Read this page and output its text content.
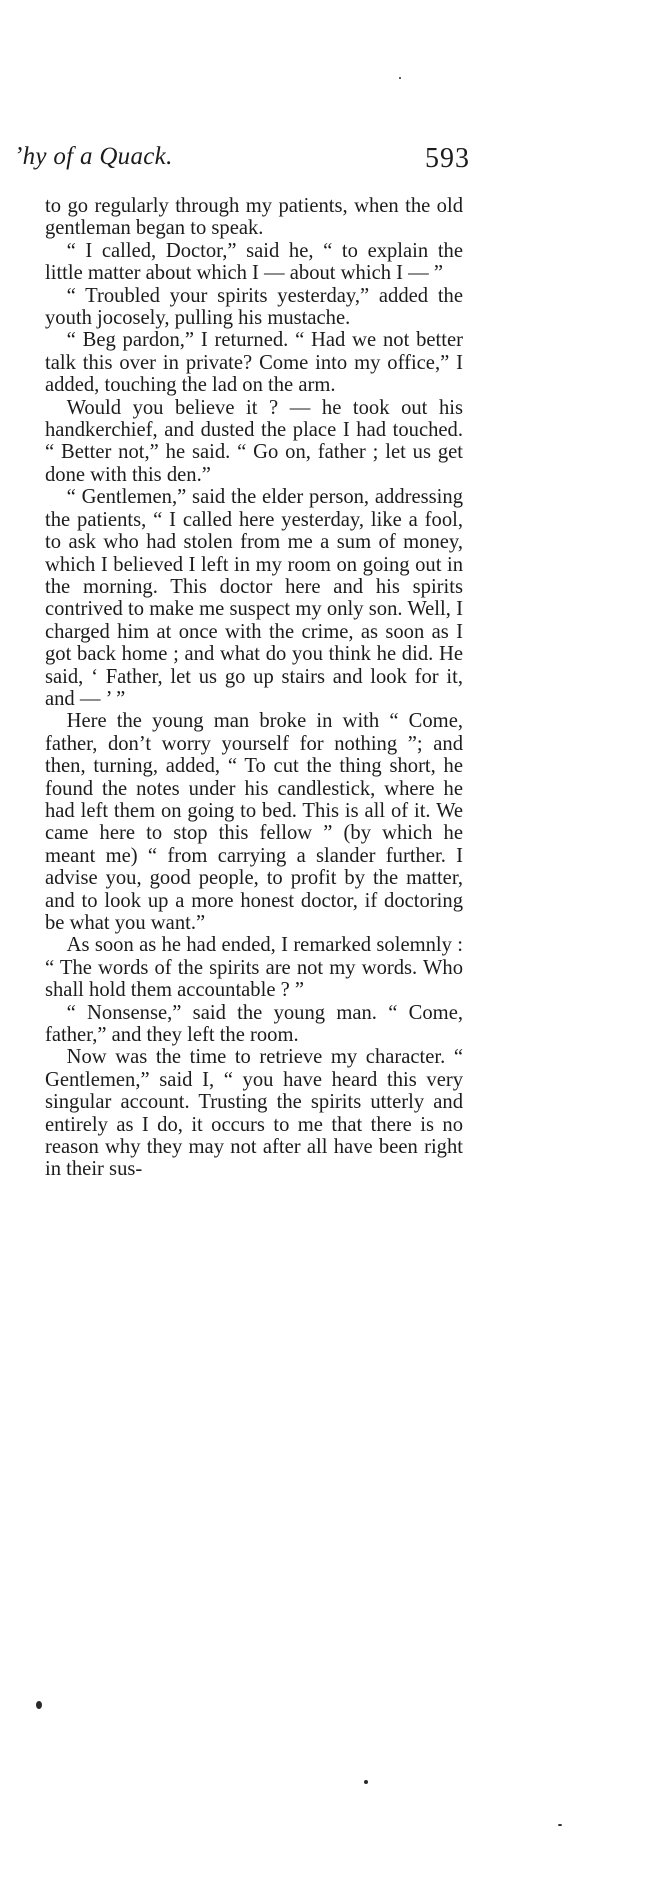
ʼhy of a Quack.	593

to go regularly through my patients, when the old gentleman began to speak.

“ I called, Doctor,” said he, “ to explain the little matter about which I — about which I — ”

“ Troubled your spirits yesterday,” added the youth jocosely, pulling his mustache.

“ Beg pardon,” I returned. “ Had we not better talk this over in private? Come into my office,” I added, touching the lad on the arm.

Would you believe it ? — he took out his handkerchief, and dusted the place I had touched. “ Better not,” he said. “ Go on, father ; let us get done with this den.”

“ Gentlemen,” said the elder person, addressing the patients, “ I called here yesterday, like a fool, to ask who had stolen from me a sum of money, which I believed I left in my room on going out in the morning. This doctor here and his spirits contrived to make me suspect my only son. Well, I charged him at once with the crime, as soon as I got back home ; and what do you think he did. He said, ‘ Father, let us go up stairs and look for it, and — ’ ”

Here the young man broke in with “ Come, father, don’t worry yourself for nothing ”; and then, turning, added, “ To cut the thing short, he found the notes under his candlestick, where he had left them on going to bed. This is all of it. We came here to stop this fellow ” (by which he meant me) “ from carrying a slander further. I advise you, good people, to profit by the matter, and to look up a more honest doctor, if doctoring be what you want.”

As soon as he had ended, I remarked solemnly : “ The words of the spirits are not my words. Who shall hold them accountable ? ”

“ Nonsense,” said the young man. “ Come, father,” and they left the room.

Now was the time to retrieve my character. “ Gentlemen,” said I, “ you have heard this very singular account. Trusting the spirits utterly and entirely as I do, it occurs to me that there is no reason why they may not after all have been right in their sus-
